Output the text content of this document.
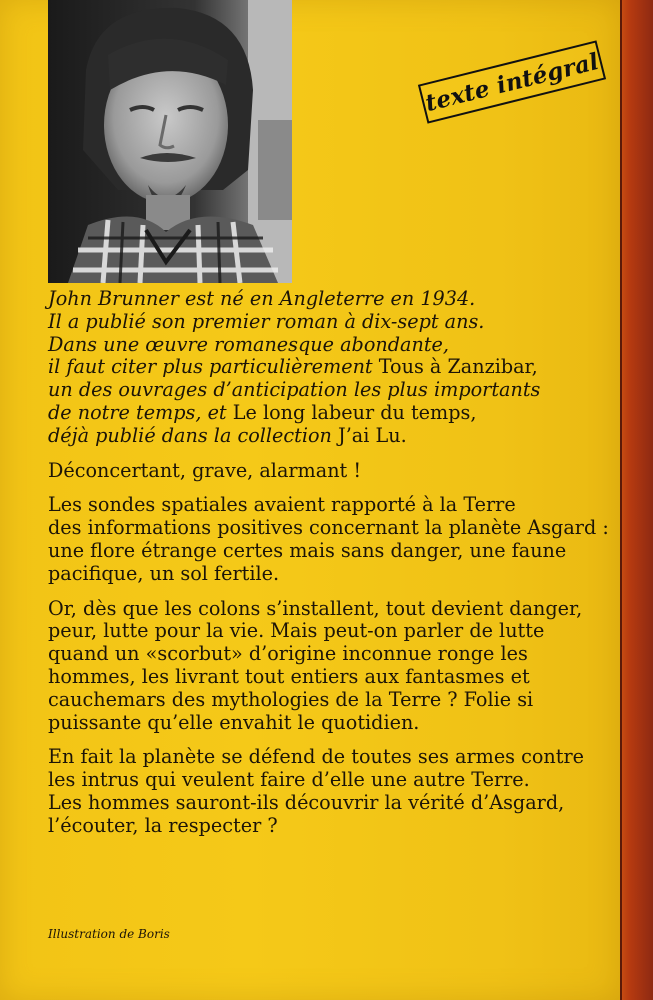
texte intégral

John Brunner est né en Angleterre en 1934.

Il a publié son premier roman à dix-sept ans.

Dans une œuvre romanesque abondante,

il faut citer plus particulièrement Tous à Zanzibar,

un des ouvrages d’anticipation les plus importants

de notre temps, et Le long labeur du temps,

déjà publié dans la collection J’ai Lu.

Déconcertant, grave, alarmant !

Les sondes spatiales avaient rapporté à la Terre

des informations positives concernant la planète Asgard :

une flore étrange certes mais sans danger, une faune

pacifique, un sol fertile.

Or, dès que les colons s’installent, tout devient danger,

peur, lutte pour la vie. Mais peut-on parler de lutte

quand un «scorbut» d’origine inconnue ronge les

hommes, les livrant tout entiers aux fantasmes et

cauchemars des mythologies de la Terre ? Folie si

puissante qu’elle envahit le quotidien.

En fait la planète se défend de toutes ses armes contre

les intrus qui veulent faire d’elle une autre Terre.

Les hommes sauront-ils découvrir la vérité d’Asgard,

l’écouter, la respecter ?

Illustration de Boris
